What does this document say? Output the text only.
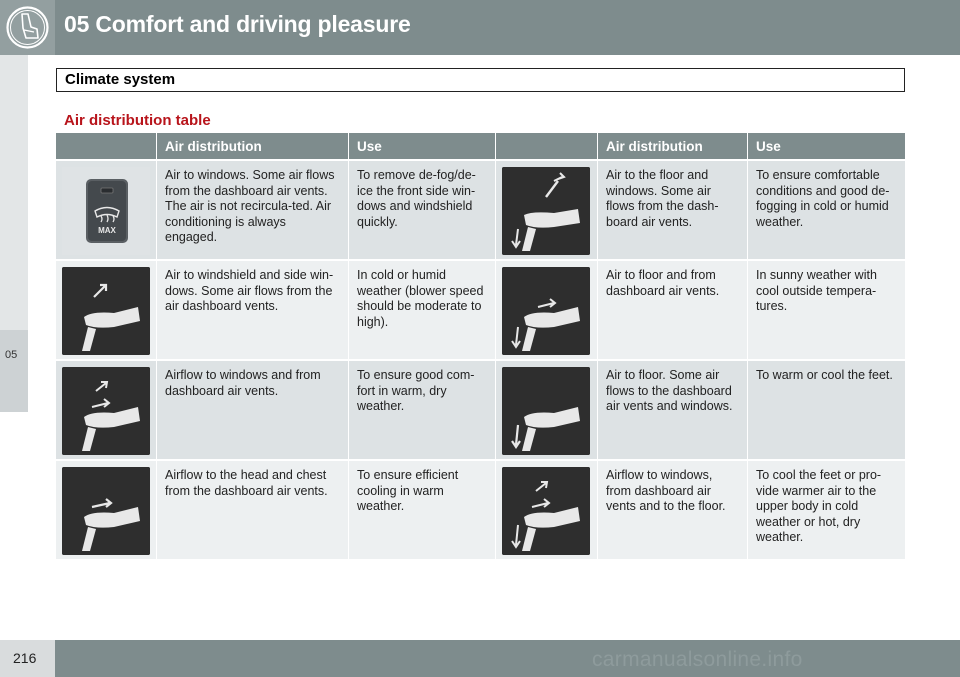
05 Comfort and driving pleasure
Climate system
05
Air distribution table
	Air distribution	Use		Air distribution	Use

MAX	Air to windows. Some air flows from the dashboard air vents. The air is not recircula-ted. Air conditioning is always engaged.	To remove de-fog/de-ice the front side win-dows and windshield quickly.		Air to the floor and windows. Some air flows from the dash-board air vents.	To ensure comfortable conditions and good de-fogging in cold or humid weather.

	Air to windshield and side win-dows. Some air flows from the air dashboard vents.	In cold or humid weather (blower speed should be moderate to high).		Air to floor and from dashboard air vents.	In sunny weather with cool outside tempera-tures.

	Airflow to windows and from dashboard air vents.	To ensure good com-fort in warm, dry weather.		Air to floor. Some air flows to the dashboard air vents and windows.	To warm or cool the feet.

	Airflow to the head and chest from the dashboard air vents.	To ensure efficient cooling in warm weather.		Airflow to windows, from dashboard air vents and to the floor.	To cool the feet or pro-vide warmer air to the upper body in cold weather or hot, dry weather.
216	carmanualsonline.info
